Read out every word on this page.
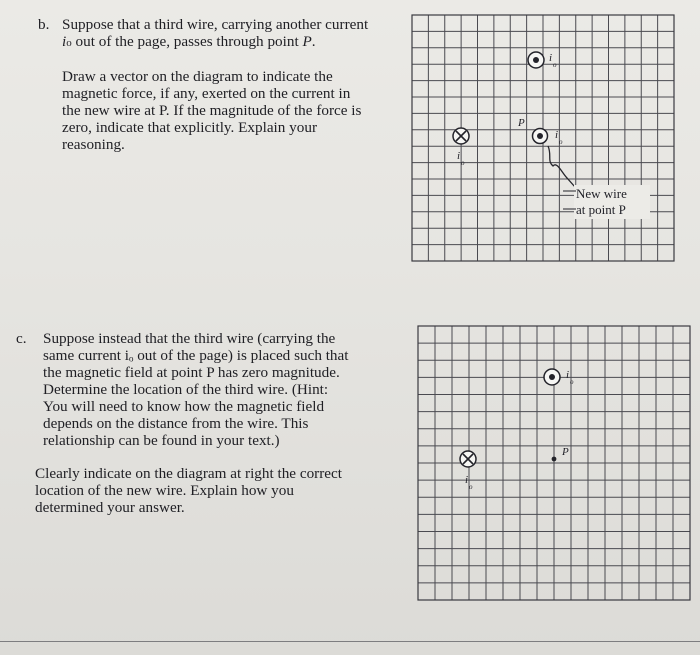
b. Suppose that a third wire, carrying another current
io out of the page, passes through point P.

Draw a vector on the diagram to indicate the
magnetic force, if any, exerted on the current in
the new wire at P. If the magnitude of the force is
zero, indicate that explicitly. Explain your
reasoning.

c. Suppose instead that the third wire (carrying the
same current iₒ out of the page) is placed such that
the magnetic field at point P has zero magnitude.
Determine the location of the third wire. (Hint:
You will need to know how the magnetic field
depends on the distance from the wire. This
relationship can be found in your text.)

Clearly indicate on the diagram at right the correct
location of the new wire. Explain how you
determined your answer.

i
o
i
o
P
i
o
New wire
at point P
i
o
i
o
P
